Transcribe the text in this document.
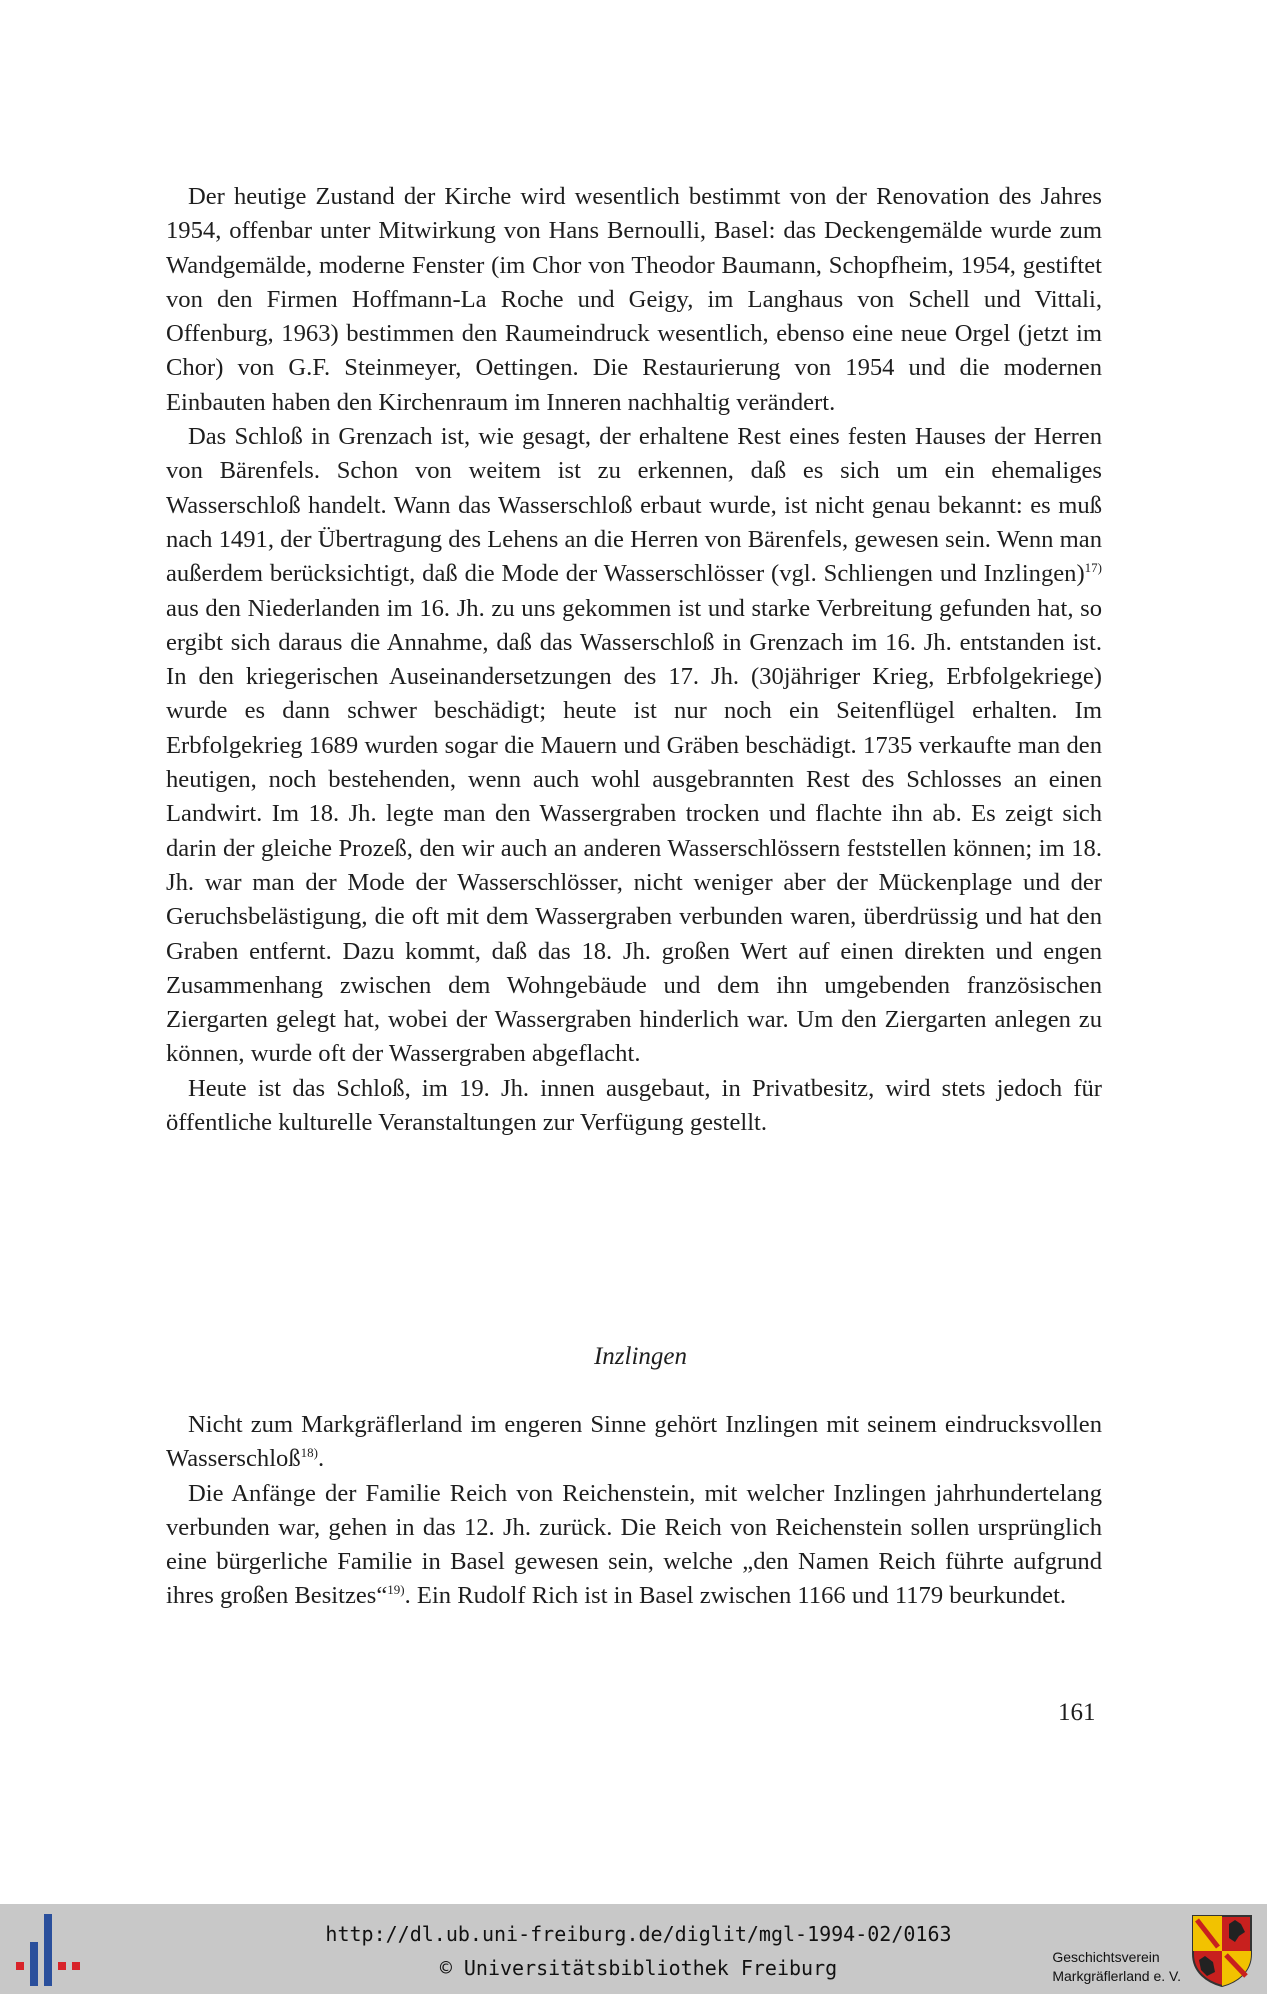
Der heutige Zustand der Kirche wird wesentlich bestimmt von der Renovation des Jahres 1954, offenbar unter Mitwirkung von Hans Bernoulli, Basel: das Deckengemälde wurde zum Wandgemälde, moderne Fenster (im Chor von Theodor Baumann, Schopfheim, 1954, gestiftet von den Firmen Hoffmann-La Roche und Geigy, im Langhaus von Schell und Vittali, Offenburg, 1963) bestimmen den Raumeindruck wesentlich, ebenso eine neue Orgel (jetzt im Chor) von G.F. Steinmeyer, Oettingen. Die Restaurierung von 1954 und die modernen Einbauten haben den Kirchenraum im Inneren nachhaltig verändert.

Das Schloß in Grenzach ist, wie gesagt, der erhaltene Rest eines festen Hauses der Herren von Bärenfels. Schon von weitem ist zu erkennen, daß es sich um ein ehemaliges Wasserschloß handelt. Wann das Wasserschloß erbaut wurde, ist nicht genau bekannt: es muß nach 1491, der Übertragung des Lehens an die Herren von Bärenfels, gewesen sein. Wenn man außerdem berücksichtigt, daß die Mode der Wasserschlösser (vgl. Schliengen und Inzlingen)$^{17)}$ aus den Niederlanden im 16. Jh. zu uns gekommen ist und starke Verbreitung gefunden hat, so ergibt sich daraus die Annahme, daß das Wasserschloß in Grenzach im 16. Jh. entstanden ist. In den kriegerischen Auseinandersetzungen des 17. Jh. (30jähriger Krieg, Erbfolgekriege) wurde es dann schwer beschädigt; heute ist nur noch ein Seitenflügel erhalten. Im Erbfolgekrieg 1689 wurden sogar die Mauern und Gräben beschädigt. 1735 verkaufte man den heutigen, noch bestehenden, wenn auch wohl ausgebrannten Rest des Schlosses an einen Landwirt. Im 18. Jh. legte man den Wassergraben trocken und flachte ihn ab. Es zeigt sich darin der gleiche Prozeß, den wir auch an anderen Wasserschlössern feststellen können; im 18. Jh. war man der Mode der Wasserschlösser, nicht weniger aber der Mückenplage und der Geruchsbelästigung, die oft mit dem Wassergraben verbunden waren, überdrüssig und hat den Graben entfernt. Dazu kommt, daß das 18. Jh. großen Wert auf einen direkten und engen Zusammenhang zwischen dem Wohngebäude und dem ihn umgebenden französischen Ziergarten gelegt hat, wobei der Wassergraben hinderlich war. Um den Ziergarten anlegen zu können, wurde oft der Wassergraben abgeflacht.

Heute ist das Schloß, im 19. Jh. innen ausgebaut, in Privatbesitz, wird stets jedoch für öffentliche kulturelle Veranstaltungen zur Verfügung gestellt.

Inzlingen

Nicht zum Markgräflerland im engeren Sinne gehört Inzlingen mit seinem eindrucksvollen Wasserschloß$^{18)}$.

Die Anfänge der Familie Reich von Reichenstein, mit welcher Inzlingen jahrhundertelang verbunden war, gehen in das 12. Jh. zurück. Die Reich von Reichenstein sollen ursprünglich eine bürgerliche Familie in Basel gewesen sein, welche „den Namen Reich führte aufgrund ihres großen Besitzes“$^{19)}$. Ein Rudolf Rich ist in Basel zwischen 1166 und 1179 beurkundet.

161
http://dl.ub.uni-freiburg.de/diglit/mgl-1994-02/0163
© Universitätsbibliothek Freiburg	Geschichtsverein
Markgräflerland e. V.
